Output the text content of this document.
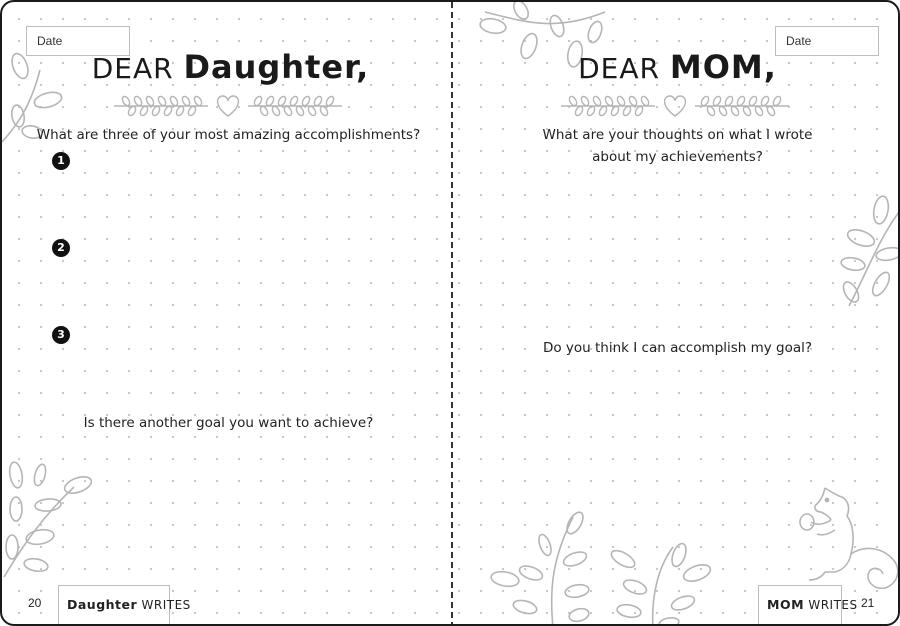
Date
DEAR Daughter,
What are three of your most amazing accomplishments?
1
2
3
Is there another goal you want to achieve?
20	Daughter WRITES
Date
DEAR MOM,
What are your thoughts on what I wrote
about my achievements?
Do you think I can accomplish my goal?
MOM WRITES 21
